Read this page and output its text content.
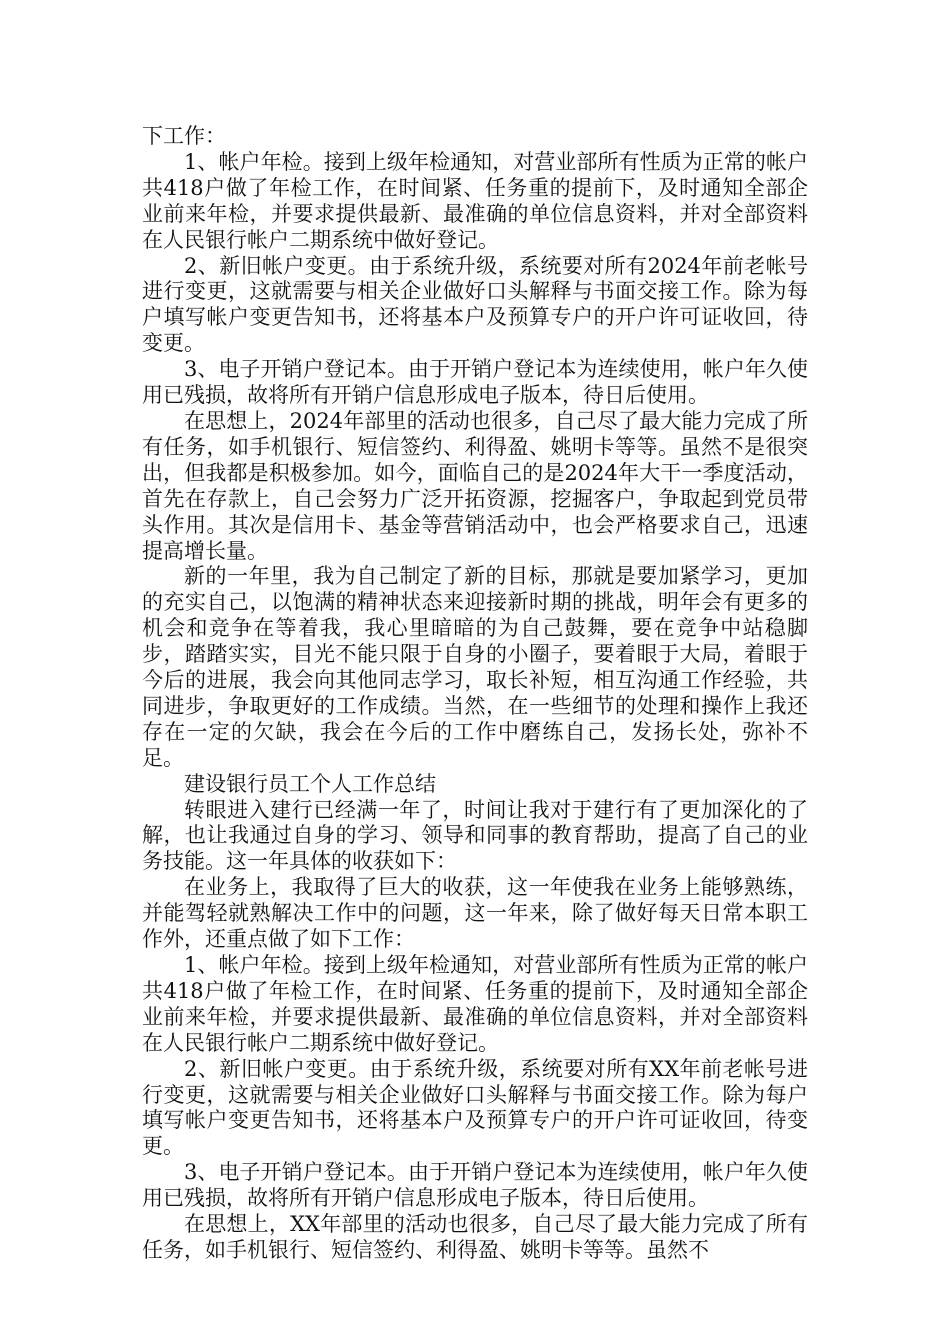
下工作：

1、帐户年检。接到上级年检通知，对营业部所有性质为正常的帐户共418户做了年检工作，在时间紧、任务重的提前下，及时通知全部企业前来年检，并要求提供最新、最准确的单位信息资料，并对全部资料在人民银行帐户二期系统中做好登记。

2、新旧帐户变更。由于系统升级，系统要对所有2024年前老帐号进行变更，这就需要与相关企业做好口头解释与书面交接工作。除为每户填写帐户变更告知书，还将基本户及预算专户的开户许可证收回，待变更。

3、电子开销户登记本。由于开销户登记本为连续使用，帐户年久使用已残损，故将所有开销户信息形成电子版本，待日后使用。

在思想上，2024年部里的活动也很多，自己尽了最大能力完成了所有任务，如手机银行、短信签约、利得盈、姚明卡等等。虽然不是很突出，但我都是积极参加。如今，面临自己的是2024年大干一季度活动，首先在存款上，自己会努力广泛开拓资源，挖掘客户，争取起到党员带头作用。其次是信用卡、基金等营销活动中，也会严格要求自己，迅速提高增长量。

新的一年里，我为自己制定了新的目标，那就是要加紧学习，更加的充实自己，以饱满的精神状态来迎接新时期的挑战，明年会有更多的机会和竞争在等着我，我心里暗暗的为自己鼓舞，要在竞争中站稳脚步，踏踏实实，目光不能只限于自身的小圈子，要着眼于大局，着眼于今后的进展，我会向其他同志学习，取长补短，相互沟通工作经验，共同进步，争取更好的工作成绩。当然，在一些细节的处理和操作上我还存在一定的欠缺，我会在今后的工作中磨练自己，发扬长处，弥补不足。

建设银行员工个人工作总结

转眼进入建行已经满一年了，时间让我对于建行有了更加深化的了解，也让我通过自身的学习、领导和同事的教育帮助，提高了自己的业务技能。这一年具体的收获如下：

在业务上，我取得了巨大的收获，这一年使我在业务上能够熟练，并能驾轻就熟解决工作中的问题，这一年来，除了做好每天日常本职工作外，还重点做了如下工作：

1、帐户年检。接到上级年检通知，对营业部所有性质为正常的帐户共418户做了年检工作，在时间紧、任务重的提前下，及时通知全部企业前来年检，并要求提供最新、最准确的单位信息资料，并对全部资料在人民银行帐户二期系统中做好登记。

2、新旧帐户变更。由于系统升级，系统要对所有XX年前老帐号进行变更，这就需要与相关企业做好口头解释与书面交接工作。除为每户填写帐户变更告知书，还将基本户及预算专户的开户许可证收回，待变更。

3、电子开销户登记本。由于开销户登记本为连续使用，帐户年久使用已残损，故将所有开销户信息形成电子版本，待日后使用。

在思想上，XX年部里的活动也很多，自己尽了最大能力完成了所有任务，如手机银行、短信签约、利得盈、姚明卡等等。虽然不
